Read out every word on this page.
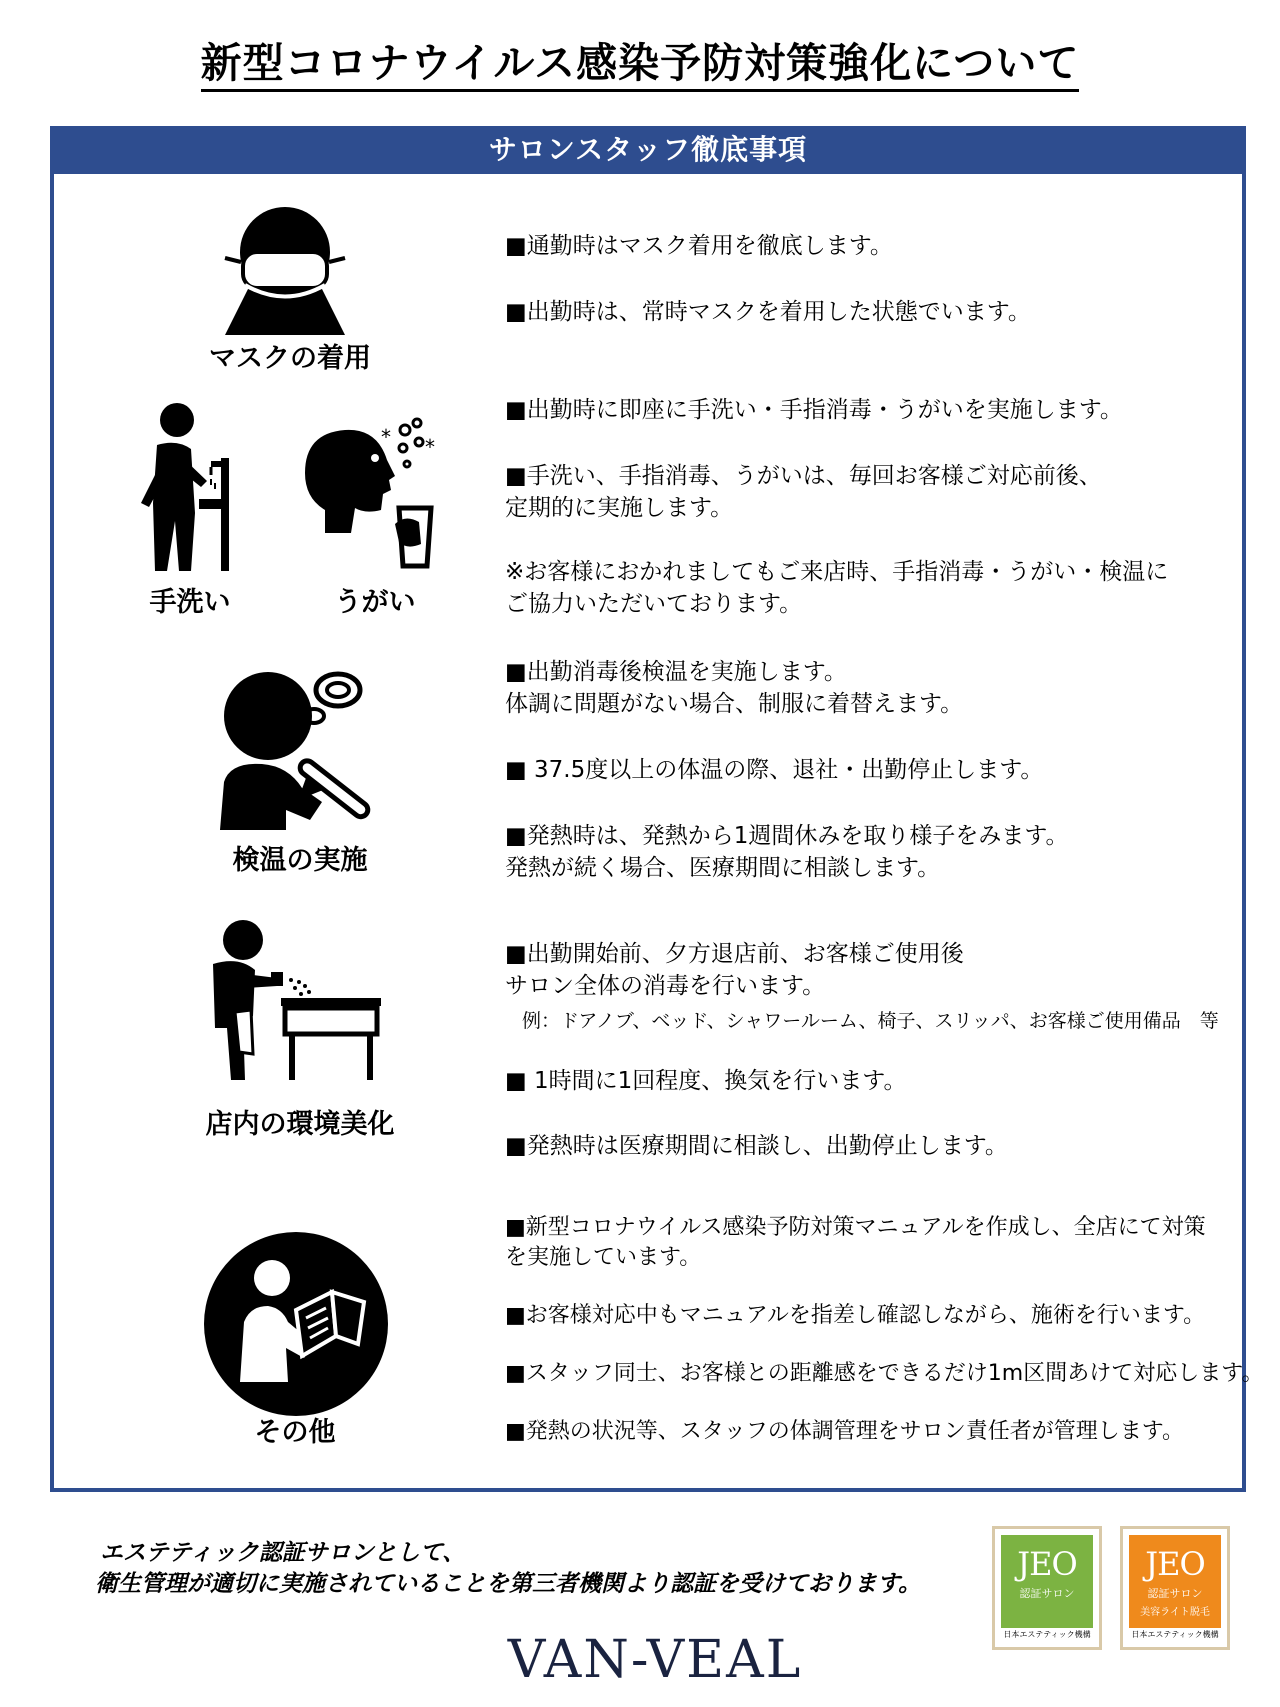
新型コロナウイルス感染予防対策強化について
サロンスタッフ徹底事項
マスクの着用
■通勤時はマスク着用を徹底します。
■出勤時は、常時マスクを着用した状態でいます。
* *
手洗い	うがい
■出勤時に即座に手洗い・手指消毒・うがいを実施します。
■手洗い、手指消毒、うがいは、毎回お客様ご対応前後、
定期的に実施します。
※お客様におかれましてもご来店時、手指消毒・うがい・検温に
ご協力いただいております。
検温の実施
■出勤消毒後検温を実施します。
体調に問題がない場合、制服に着替えます。
■ 37.5度以上の体温の際、退社・出勤停止します。
■発熱時は、発熱から1週間休みを取り様子をみます。
発熱が続く場合、医療期間に相談します。
店内の環境美化
■出勤開始前、夕方退店前、お客様ご使用後
サロン全体の消毒を行います。
例：ドアノブ、ベッド、シャワールーム、椅子、スリッパ、お客様ご使用備品　等
■ 1時間に1回程度、換気を行います。
■発熱時は医療期間に相談し、出勤停止します。
その他
■新型コロナウイルス感染予防対策マニュアルを作成し、全店にて対策
を実施しています。
■お客様対応中もマニュアルを指差し確認しながら、施術を行います。
■スタッフ同士、お客様との距離感をできるだけ1m区間あけて対応します。
■発熱の状況等、スタッフの体調管理をサロン責任者が管理します。
エステティック認証サロンとして、
衛生管理が適切に実施されていることを第三者機関より認証を受けております。
JEO
認証サロン
日本エステティック機構
JEO
認証サロン
美容ライト脱毛
日本エステティック機構
VAN-VEAL
